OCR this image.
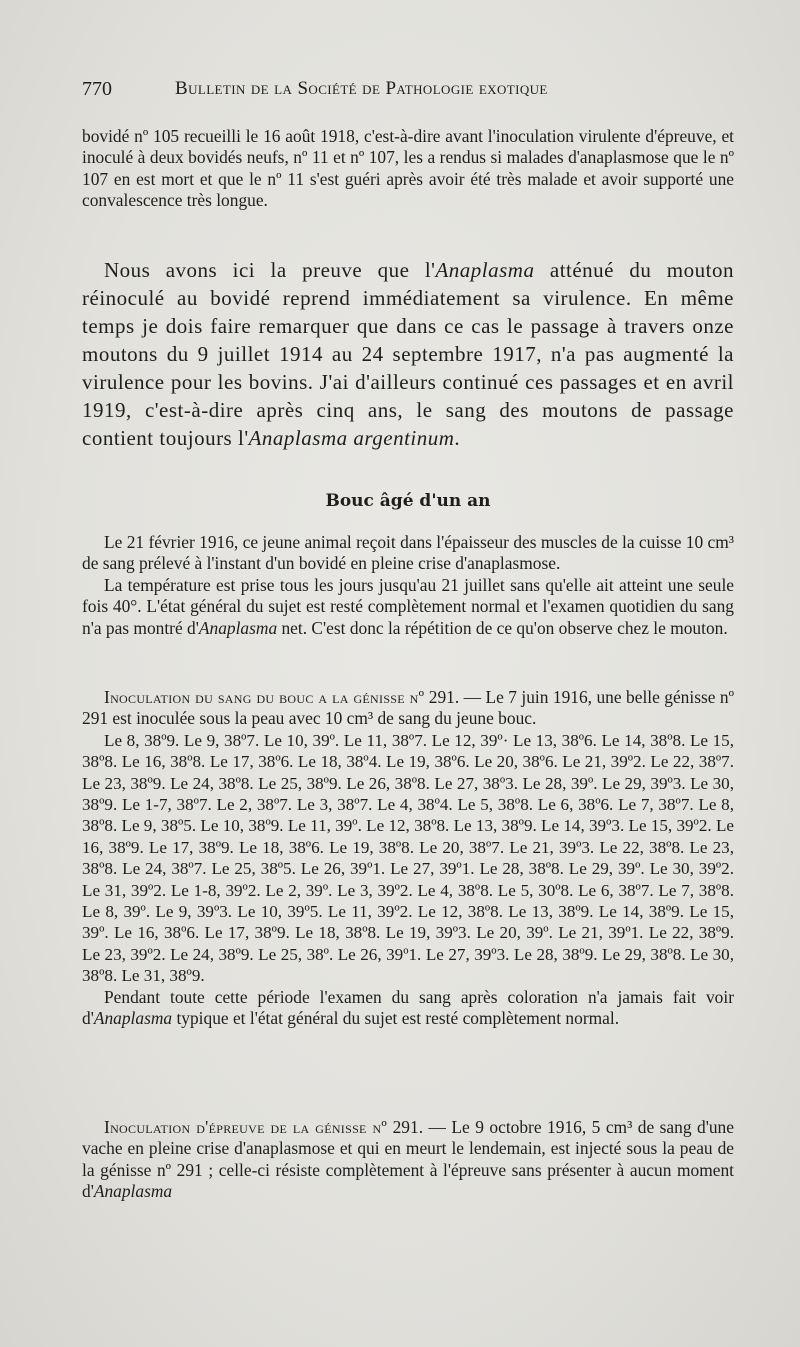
770	Bulletin de la Société de Pathologie exotique

bovidé nº 105 recueilli le 16 août 1918, c'est-à-dire avant l'inoculation virulente d'épreuve, et inoculé à deux bovidés neufs, nº 11 et nº 107, les a rendus si malades d'anaplasmose que le nº 107 en est mort et que le nº 11 s'est guéri après avoir été très malade et avoir supporté une convalescence très longue.

Nous avons ici la preuve que l'Anaplasma atténué du mouton réinoculé au bovidé reprend immédiatement sa virulence. En même temps je dois faire remarquer que dans ce cas le passage à travers onze moutons du 9 juillet 1914 au 24 septembre 1917, n'a pas augmenté la virulence pour les bovins. J'ai d'ailleurs continué ces passages et en avril 1919, c'est-à-dire après cinq ans, le sang des moutons de passage contient toujours l'Anaplasma argentinum.

Bouc âgé d'un an

Le 21 février 1916, ce jeune animal reçoit dans l'épaisseur des muscles de la cuisse 10 cm³ de sang prélevé à l'instant d'un bovidé en pleine crise d'anaplasmose.

La température est prise tous les jours jusqu'au 21 juillet sans qu'elle ait atteint une seule fois 40°. L'état général du sujet est resté complètement normal et l'examen quotidien du sang n'a pas montré d'Anaplasma net. C'est donc la répétition de ce qu'on observe chez le mouton.

Inoculation du sang du bouc a la génisse nº 291. — Le 7 juin 1916, une belle génisse nº 291 est inoculée sous la peau avec 10 cm³ de sang du jeune bouc.

Le 8, 38º9. Le 9, 38º7. Le 10, 39º. Le 11, 38º7. Le 12, 39º· Le 13, 38º6. Le 14, 38º8. Le 15, 38º8. Le 16, 38º8. Le 17, 38º6. Le 18, 38º4. Le 19, 38º6. Le 20, 38º6. Le 21, 39º2. Le 22, 38º7. Le 23, 38º9. Le 24, 38º8. Le 25, 38º9. Le 26, 38º8. Le 27, 38º3. Le 28, 39º. Le 29, 39º3. Le 30, 38º9. Le 1-7, 38º7. Le 2, 38º7. Le 3, 38º7. Le 4, 38º4. Le 5, 38º8. Le 6, 38º6. Le 7, 38º7. Le 8, 38º8. Le 9, 38º5. Le 10, 38º9. Le 11, 39º. Le 12, 38º8. Le 13, 38º9. Le 14, 39º3. Le 15, 39º2. Le 16, 38º9. Le 17, 38º9. Le 18, 38º6. Le 19, 38º8. Le 20, 38º7. Le 21, 39º3. Le 22, 38º8. Le 23, 38º8. Le 24, 38º7. Le 25, 38º5. Le 26, 39º1. Le 27, 39º1. Le 28, 38º8. Le 29, 39º. Le 30, 39º2. Le 31, 39º2. Le 1-8, 39º2. Le 2, 39º. Le 3, 39º2. Le 4, 38º8. Le 5, 30º8. Le 6, 38º7. Le 7, 38º8. Le 8, 39º. Le 9, 39º3. Le 10, 39º5. Le 11, 39º2. Le 12, 38º8. Le 13, 38º9. Le 14, 38º9. Le 15, 39º. Le 16, 38º6. Le 17, 38º9. Le 18, 38º8. Le 19, 39º3. Le 20, 39º. Le 21, 39º1. Le 22, 38º9. Le 23, 39º2. Le 24, 38º9. Le 25, 38º. Le 26, 39º1. Le 27, 39º3. Le 28, 38º9. Le 29, 38º8. Le 30, 38º8. Le 31, 38º9.

Pendant toute cette période l'examen du sang après coloration n'a jamais fait voir d'Anaplasma typique et l'état général du sujet est resté complètement normal.

Inoculation d'épreuve de la génisse nº 291. — Le 9 octobre 1916, 5 cm³ de sang d'une vache en pleine crise d'anaplasmose et qui en meurt le lendemain, est injecté sous la peau de la génisse nº 291 ; celle-ci résiste complètement à l'épreuve sans présenter à aucun moment d'Anaplasma
